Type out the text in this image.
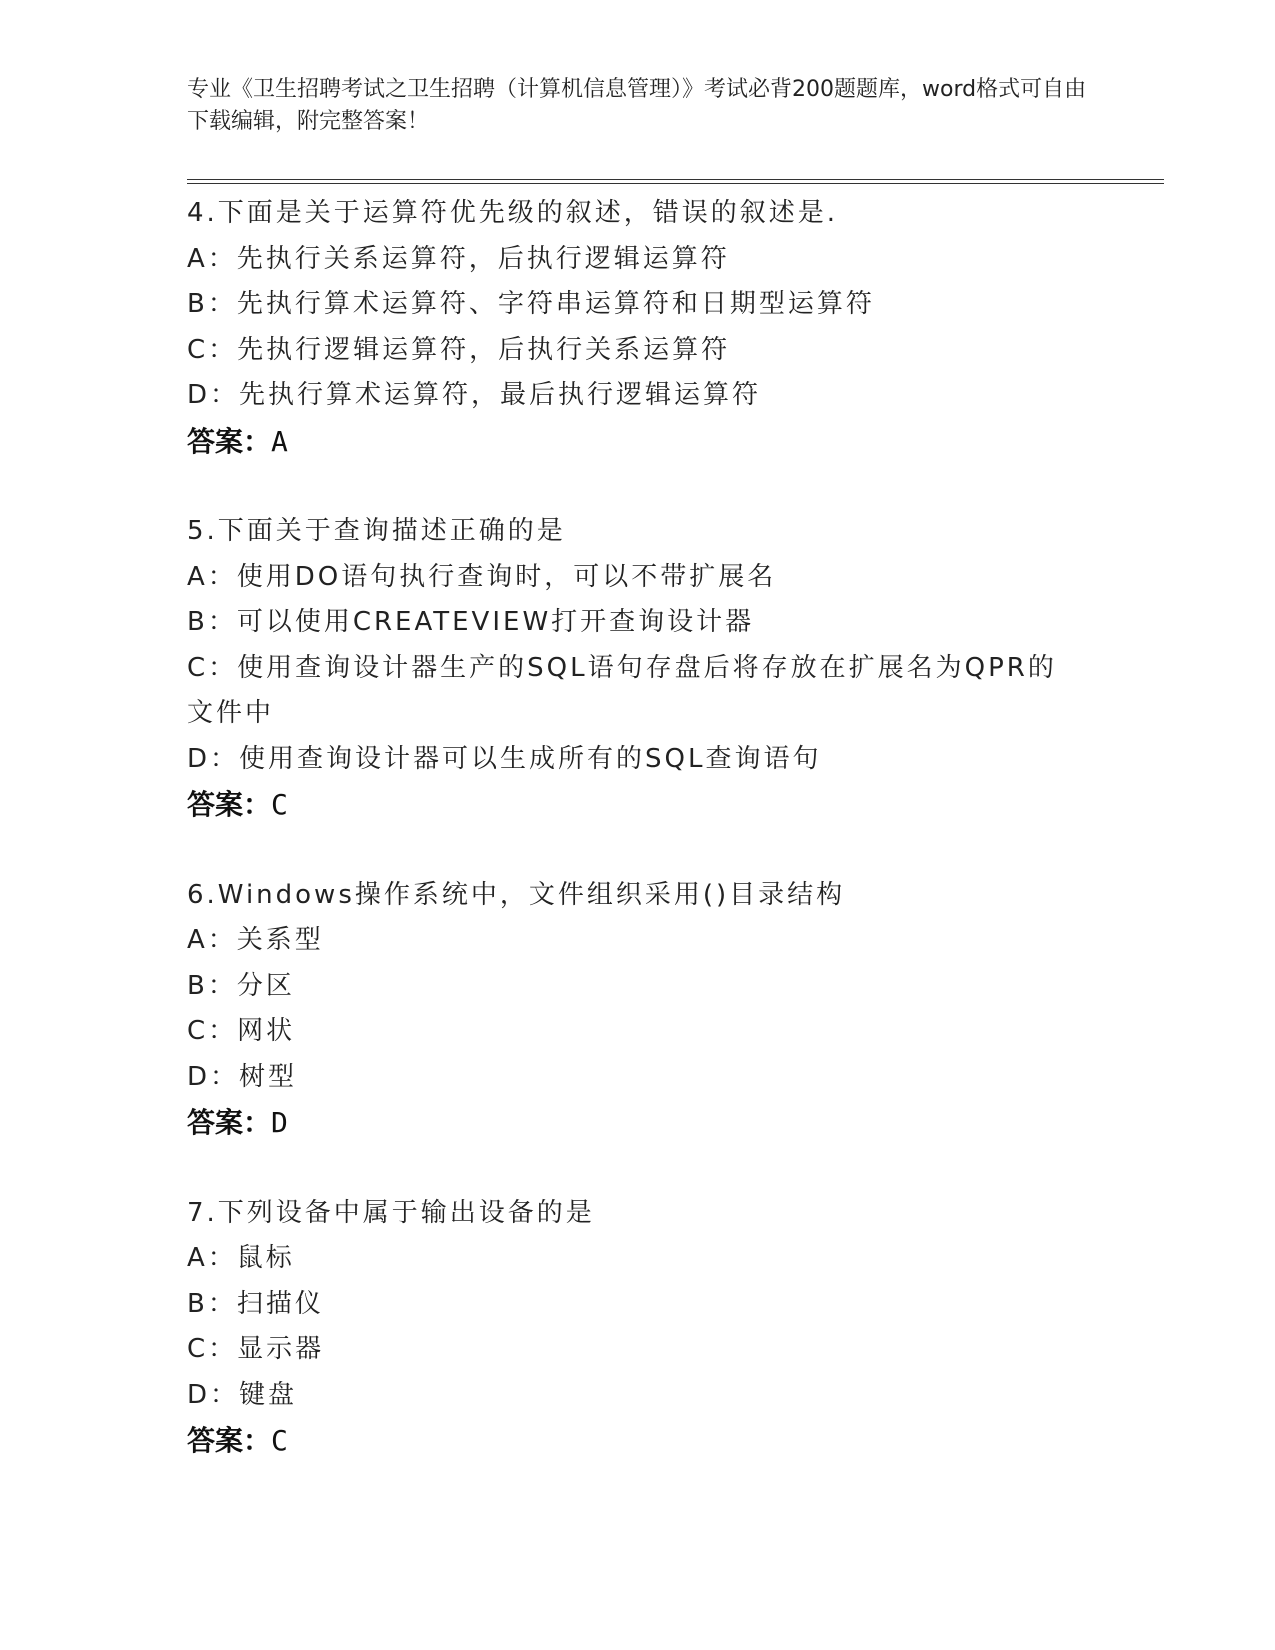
专业《卫生招聘考试之卫生招聘（计算机信息管理）》考试必背200题题库，word格式可自由下载编辑，附完整答案！
4.下面是关于运算符优先级的叙述，错误的叙述是.
A：先执行关系运算符，后执行逻辑运算符
B：先执行算术运算符、字符串运算符和日期型运算符
C：先执行逻辑运算符，后执行关系运算符
D：先执行算术运算符，最后执行逻辑运算符
答案：A
5.下面关于查询描述正确的是
A：使用DO语句执行查询时，可以不带扩展名
B：可以使用CREATEVIEW打开查询设计器
C：使用查询设计器生产的SQL语句存盘后将存放在扩展名为QPR的文件中
D：使用查询设计器可以生成所有的SQL查询语句
答案：C
6.Windows操作系统中，文件组织采用()目录结构
A：关系型
B：分区
C：网状
D：树型
答案：D
7.下列设备中属于输出设备的是
A：鼠标
B：扫描仪
C：显示器
D：键盘
答案：C
